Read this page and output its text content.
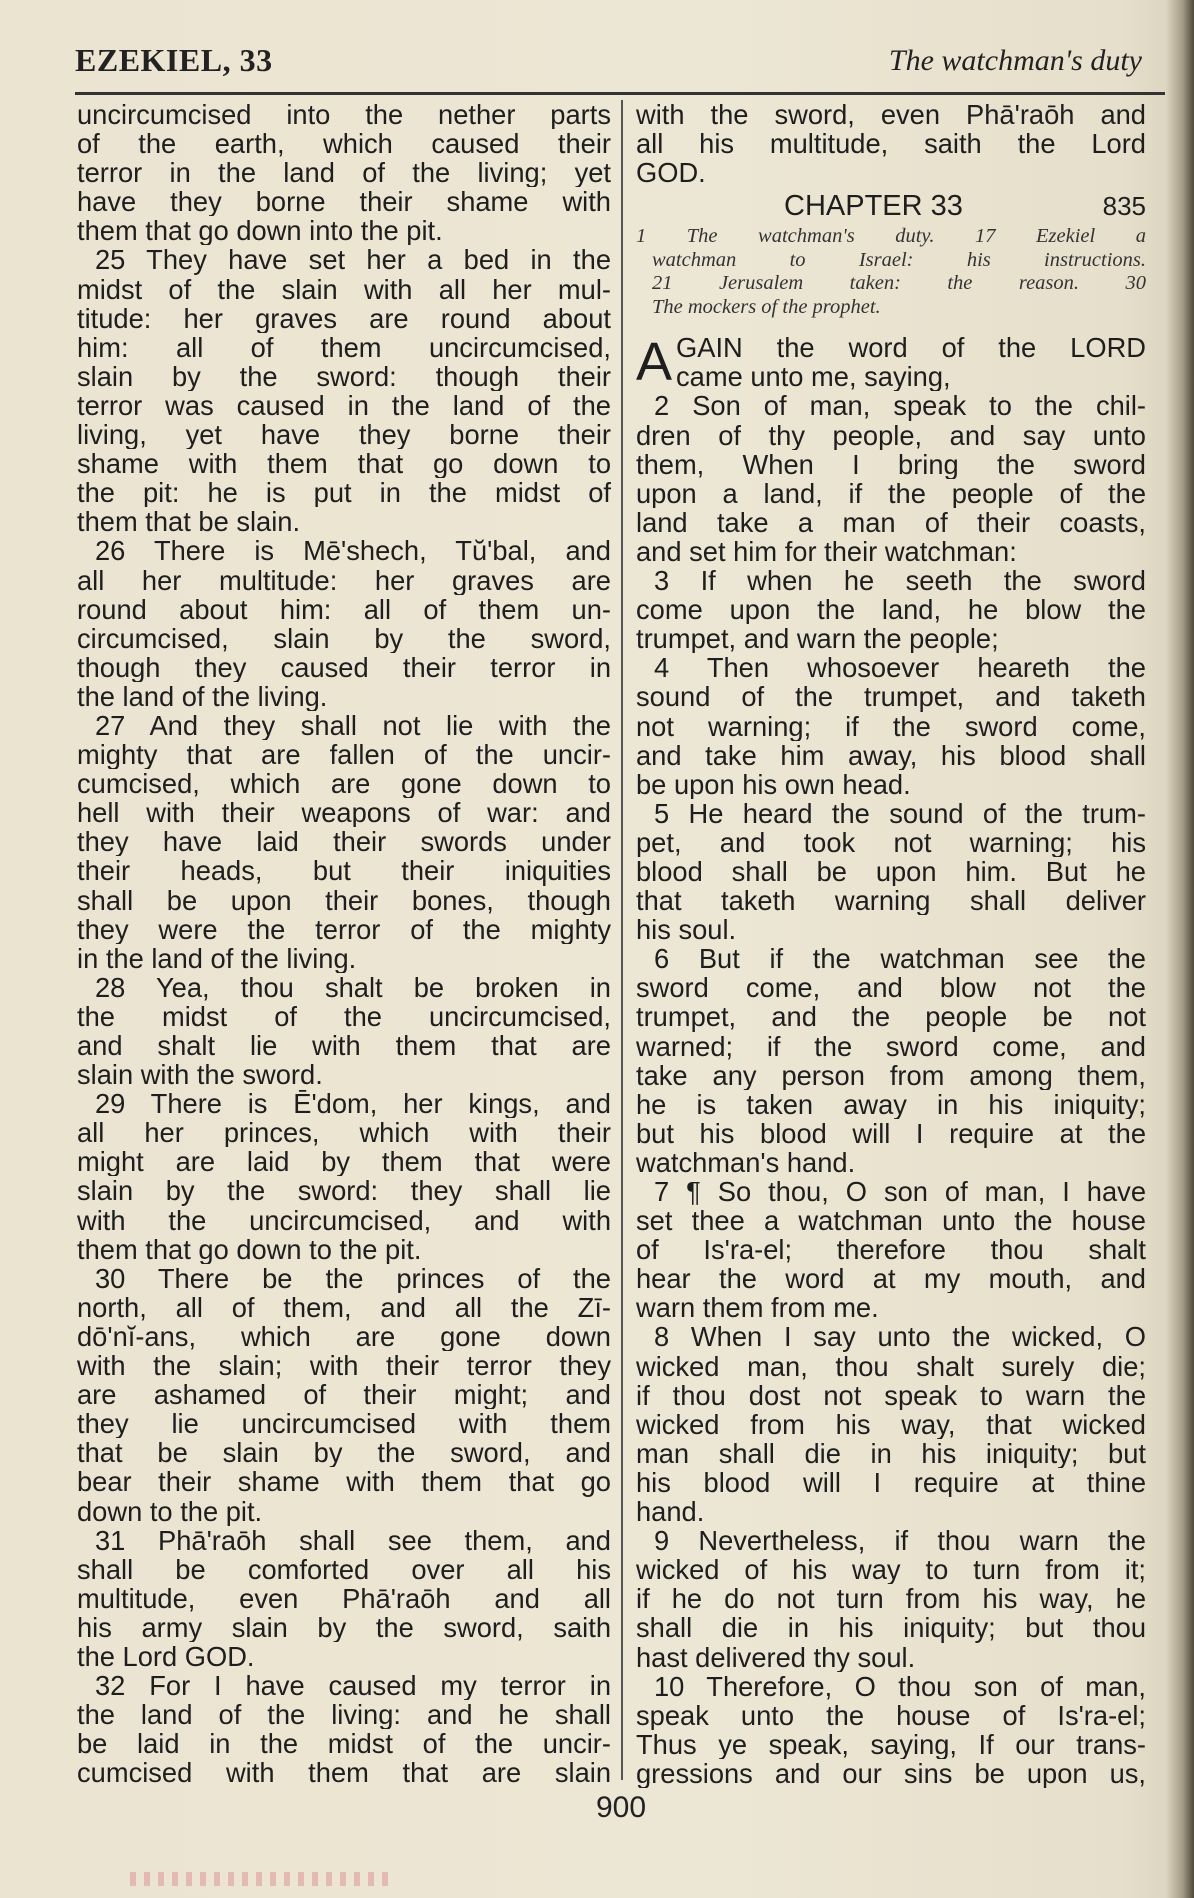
EZEKIEL, 33	The watchman's duty
uncircumcised into the nether parts
of the earth, which caused their
terror in the land of the living; yet
have they borne their shame with
them that go down into the pit.
25 They have set her a bed in the
midst of the slain with all her mul-
titude: her graves are round about
him: all of them uncircumcised,
slain by the sword: though their
terror was caused in the land of the
living, yet have they borne their
shame with them that go down to
the pit: he is put in the midst of
them that be slain.
26 There is Mē'shech, Tŭ'bal, and
all her multitude: her graves are
round about him: all of them un-
circumcised, slain by the sword,
though they caused their terror in
the land of the living.
27 And they shall not lie with the
mighty that are fallen of the uncir-
cumcised, which are gone down to
hell with their weapons of war: and
they have laid their swords under
their heads, but their iniquities
shall be upon their bones, though
they were the terror of the mighty
in the land of the living.
28 Yea, thou shalt be broken in
the midst of the uncircumcised,
and shalt lie with them that are
slain with the sword.
29 There is Ē'dom, her kings, and
all her princes, which with their
might are laid by them that were
slain by the sword: they shall lie
with the uncircumcised, and with
them that go down to the pit.
30 There be the princes of the
north, all of them, and all the Zī-
dō'nĭ-ans, which are gone down
with the slain; with their terror they
are ashamed of their might; and
they lie uncircumcised with them
that be slain by the sword, and
bear their shame with them that go
down to the pit.
31 Phā'raōh shall see them, and
shall be comforted over all his
multitude, even Phā'raōh and all
his army slain by the sword, saith
the Lord GOD.
32 For I have caused my terror in
the land of the living: and he shall
be laid in the midst of the uncir-
cumcised with them that are slain
with the sword, even Phā'raōh and
all his multitude, saith the Lord
GOD.
CHAPTER 33	835
1 The watchman's duty. 17 Ezekiel a
watchman to Israel: his instructions.
21 Jerusalem taken: the reason. 30
The mockers of the prophet.
A GAIN the word of the LORD
came unto me, saying,
2 Son of man, speak to the chil-
dren of thy people, and say unto
them, When I bring the sword
upon a land, if the people of the
land take a man of their coasts,
and set him for their watchman:
3 If when he seeth the sword
come upon the land, he blow the
trumpet, and warn the people;
4 Then whosoever heareth the
sound of the trumpet, and taketh
not warning; if the sword come,
and take him away, his blood shall
be upon his own head.
5 He heard the sound of the trum-
pet, and took not warning; his
blood shall be upon him. But he
that taketh warning shall deliver
his soul.
6 But if the watchman see the
sword come, and blow not the
trumpet, and the people be not
warned; if the sword come, and
take any person from among them,
he is taken away in his iniquity;
but his blood will I require at the
watchman's hand.
7 ¶ So thou, O son of man, I have
set thee a watchman unto the house
of Is'ra-el; therefore thou shalt
hear the word at my mouth, and
warn them from me.
8 When I say unto the wicked, O
wicked man, thou shalt surely die;
if thou dost not speak to warn the
wicked from his way, that wicked
man shall die in his iniquity; but
his blood will I require at thine
hand.
9 Nevertheless, if thou warn the
wicked of his way to turn from it;
if he do not turn from his way, he
shall die in his iniquity; but thou
hast delivered thy soul.
10 Therefore, O thou son of man,
speak unto the house of Is'ra-el;
Thus ye speak, saying, If our trans-
gressions and our sins be upon us,
900
